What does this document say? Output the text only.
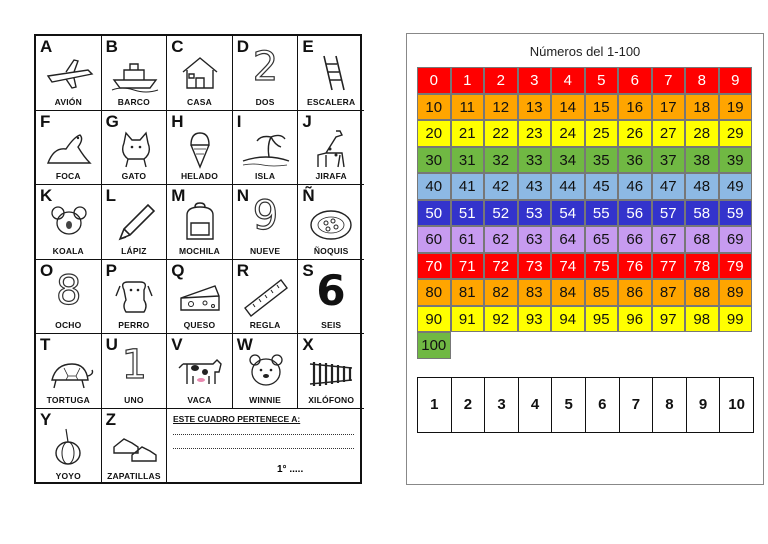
A
AVIÓN
B
BARCO
C
CASA
D 2
DOS
E
ESCALERA
F
FOCA
G
GATO
H
HELADO
I
ISLA
J
JIRAFA
K
KOALA
L
LÁPIZ
M
MOCHILA
N 9
NUEVE
Ñ
ÑOQUIS
O 8
OCHO
P
PERRO
Q
QUESO
R
REGLA
S 6
SEIS
T
TORTUGA
U 1
UNO
V
VACA
W
WINNIE
X
XILÓFONO
Y
YOYO
Z
ZAPATILLAS
ESTE CUADRO PERTENECE A:
1° .....
Números del 1-100
0	1	2	3	4	5	6	7	8	9
10	11	12	13	14	15	16	17	18	19
20	21	22	23	24	25	26	27	28	29
30	31	32	33	34	35	36	37	38	39
40	41	42	43	44	45	46	47	48	49
50	51	52	53	54	55	56	57	58	59
60	61	62	63	64	65	66	67	68	69
70	71	72	73	74	75	76	77	78	79
80	81	82	83	84	85	86	87	88	89
90	91	92	93	94	95	96	97	98	99
100
1	2	3	4	5	6	7	8	9	10
